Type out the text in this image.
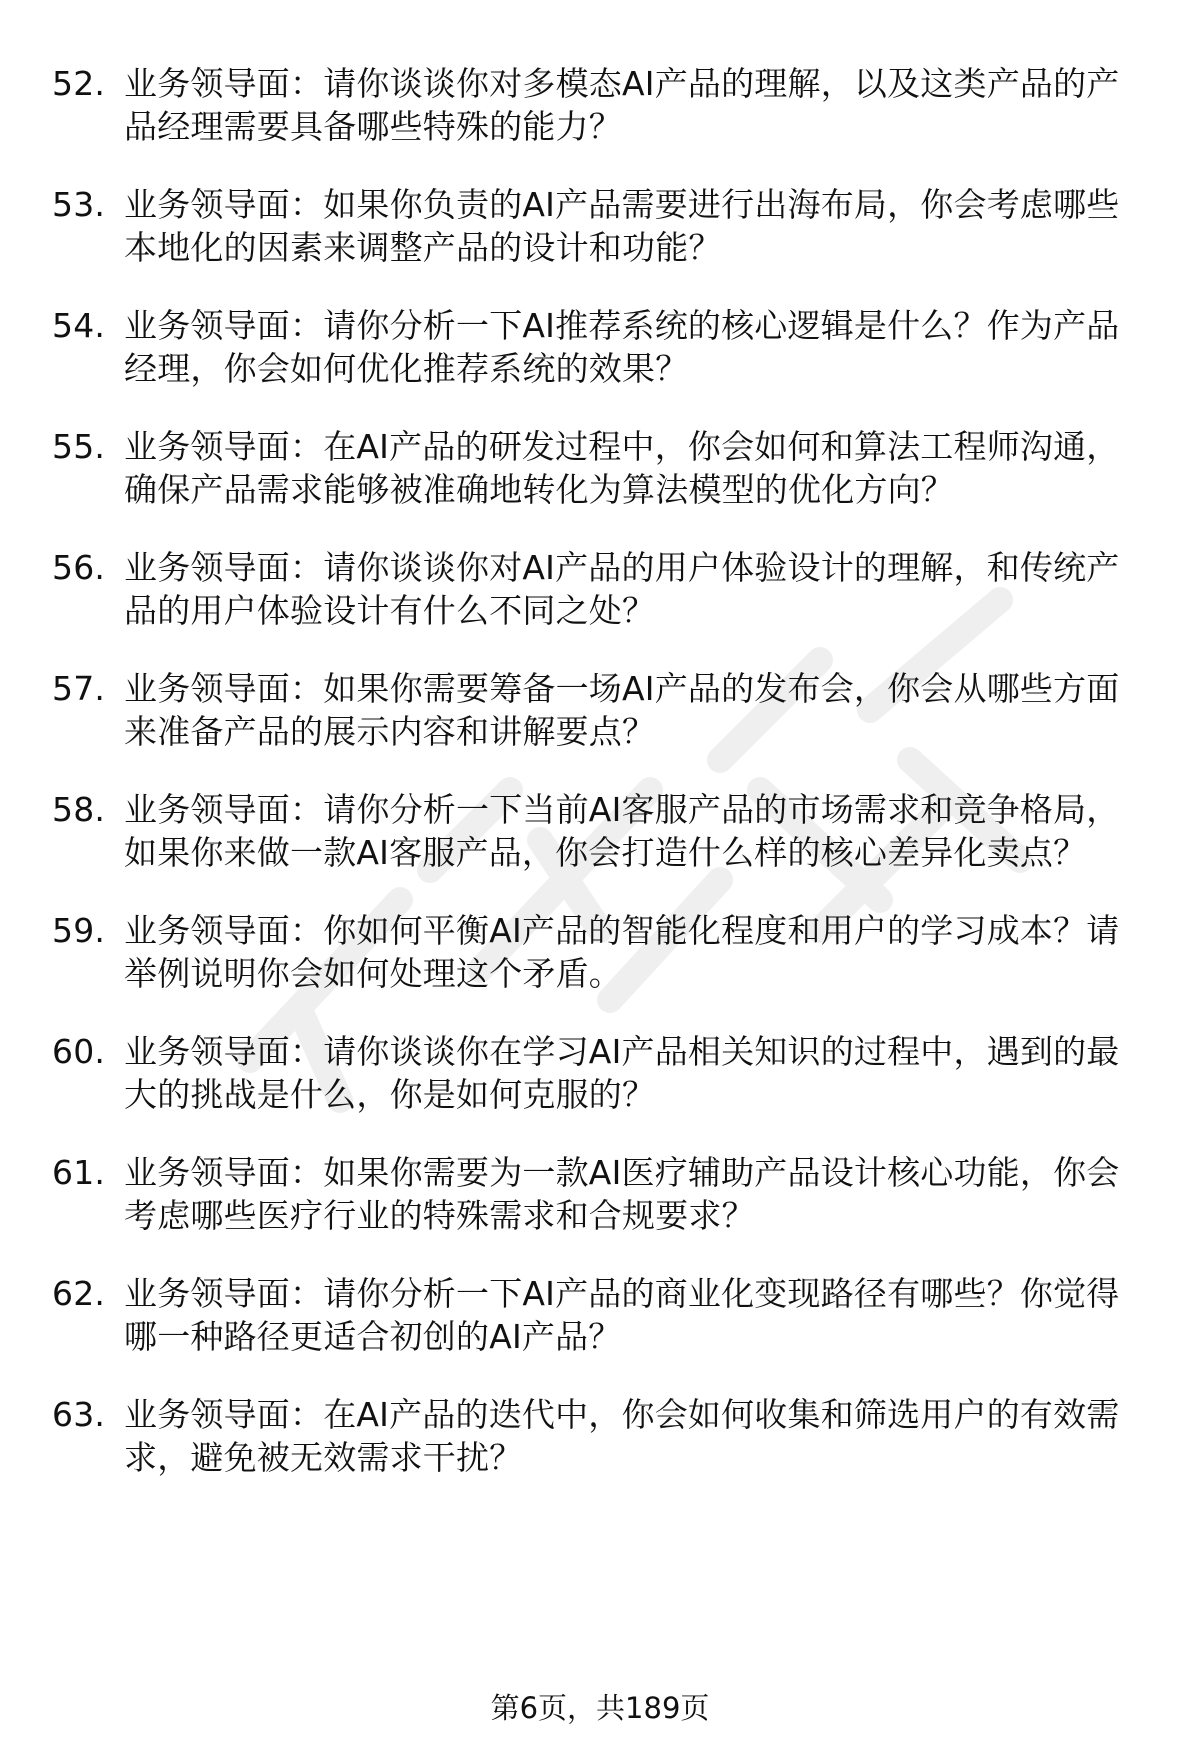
52. 业务领导面：请你谈谈你对多模态AI产品的理解，以及这类产品的产品经理需要具备哪些特殊的能力？
53. 业务领导面：如果你负责的AI产品需要进行出海布局，你会考虑哪些本地化的因素来调整产品的设计和功能？
54. 业务领导面：请你分析一下AI推荐系统的核心逻辑是什么？作为产品经理，你会如何优化推荐系统的效果？
55. 业务领导面：在AI产品的研发过程中，你会如何和算法工程师沟通，确保产品需求能够被准确地转化为算法模型的优化方向？
56. 业务领导面：请你谈谈你对AI产品的用户体验设计的理解，和传统产品的用户体验设计有什么不同之处？
57. 业务领导面：如果你需要筹备一场AI产品的发布会，你会从哪些方面来准备产品的展示内容和讲解要点？
58. 业务领导面：请你分析一下当前AI客服产品的市场需求和竞争格局，如果你来做一款AI客服产品，你会打造什么样的核心差异化卖点？
59. 业务领导面：你如何平衡AI产品的智能化程度和用户的学习成本？请举例说明你会如何处理这个矛盾。
60. 业务领导面：请你谈谈你在学习AI产品相关知识的过程中，遇到的最大的挑战是什么，你是如何克服的？
61. 业务领导面：如果你需要为一款AI医疗辅助产品设计核心功能，你会考虑哪些医疗行业的特殊需求和合规要求？
62. 业务领导面：请你分析一下AI产品的商业化变现路径有哪些？你觉得哪一种路径更适合初创的AI产品？
63. 业务领导面：在AI产品的迭代中，你会如何收集和筛选用户的有效需求，避免被无效需求干扰？
第6页，共189页
